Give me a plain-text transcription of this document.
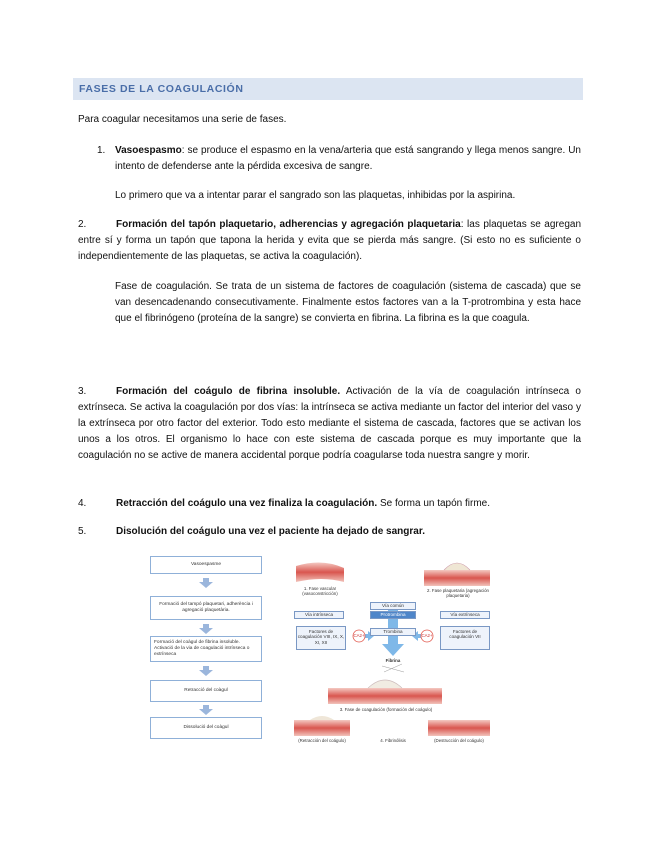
FASES DE LA COAGULACIÓN
Para coagular necesitamos una serie de fases.
1. Vasoespasmo: se produce el espasmo en la vena/arteria que está sangrando y llega menos sangre. Un intento de defenderse ante la pérdida excesiva de sangre.
Lo primero que va a intentar parar el sangrado son las plaquetas, inhibidas por la aspirina.
2.	Formación del tapón plaquetario, adherencias y agregación plaquetaria: las plaquetas se agregan entre sí y forma un tapón que tapona la herida y evita que se pierda más sangre. (Si esto no es suficiente o independientemente de las plaquetas, se activa la coagulación).
Fase de coagulación. Se trata de un sistema de factores de coagulación (sistema de cascada) que se van desencadenando consecutivamente. Finalmente estos factores van a la T-protrombina y esta hace que el fibrinógeno (proteína de la sangre) se convierta en fibrina. La fibrina es la que coagula.
3.	Formación del coágulo de fibrina insoluble. Activación de la vía de coagulación intrínseca o extrínseca. Se activa la coagulación por dos vías: la intrínseca se activa mediante un factor del interior del vaso y la extrínseca por otro factor del exterior. Todo esto mediante el sistema de cascada, factores que se activan los unos a los otros. El organismo lo hace con este sistema de cascada porque es muy importante que la coagulación no se active de manera accidental porque podría coagularse toda nuestra sangre y morir.
4.	Retracción del coágulo una vez finaliza la coagulación. Se forma un tapón firme.
5.	Disolución del coágulo una vez el paciente ha dejado de sangrar.
Vasoespasme
Formació del tampó plaquetari, adherència i agregació plaquetària.
Formació del coàgul de fibrina insoluble. Activació de la via de coagulació intrínseca o extrínseca
Retracció del coàgul
Dissolució del coàgul
1. Fase vascular (vasoconstricción)
2. Fase plaquetaria (agregación plaquetaria)
Vía común
Vía intrínseca	Vía extrínseca
Protrombina
Trombina
CA2+	CA2+
Factores de coagulación VIII, IX, X, XI, XII
Factores de coagulación VII
Fibrina
3. Fase de coagulación (formación del coágulo)
(Retracción del coágulo)	4. Fibrinólisis	(Destrucción del coágulo)
